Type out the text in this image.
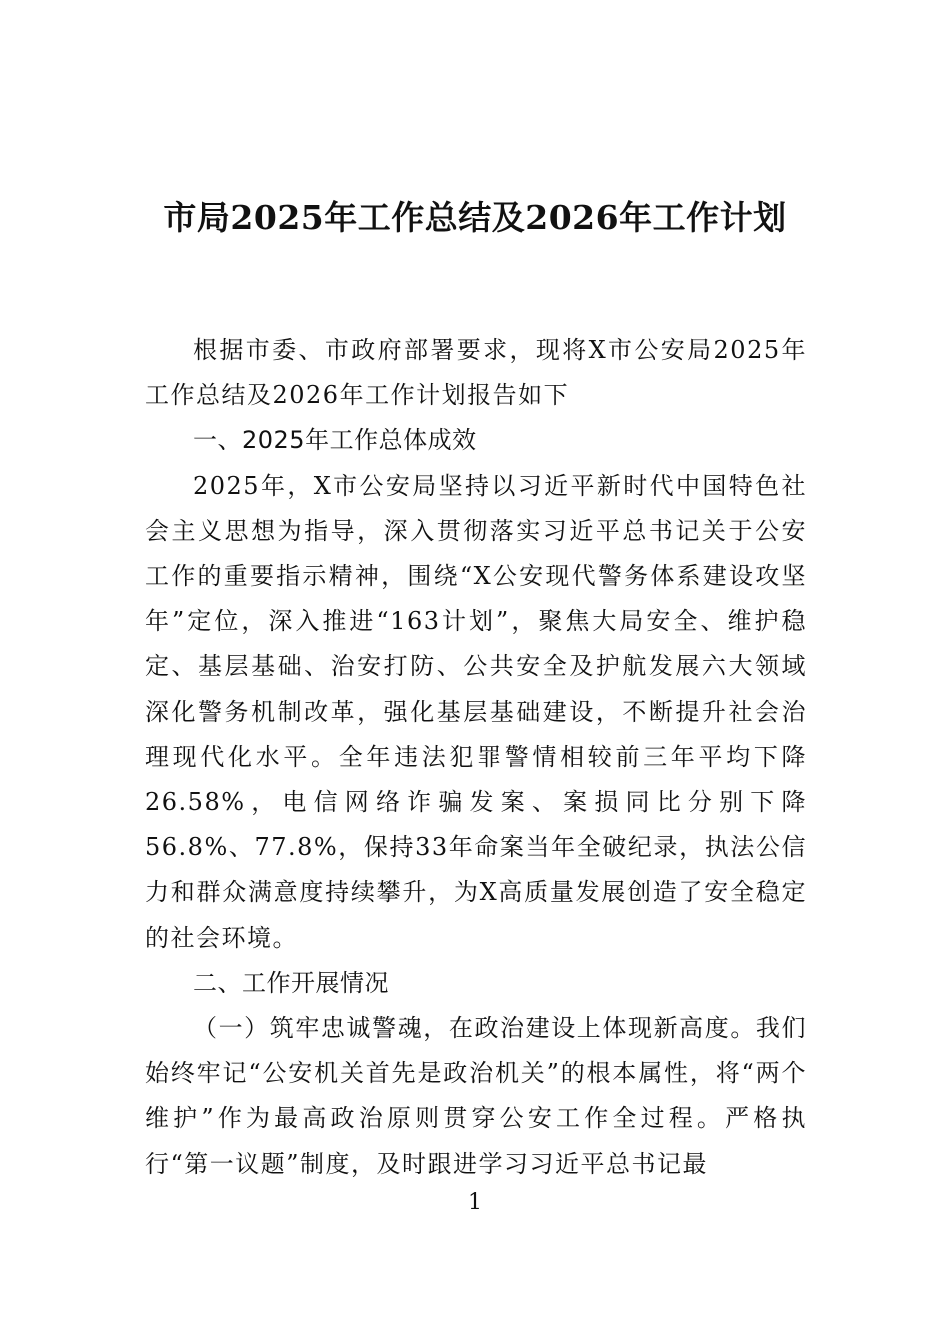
市局2025年工作总结及2026年工作计划

根据市委、市政府部署要求，现将X市公安局2025年工作总结及2026年工作计划报告如下

一、2025年工作总体成效

2025年，X市公安局坚持以习近平新时代中国特色社会主义思想为指导，深入贯彻落实习近平总书记关于公安工作的重要指示精神，围绕“X公安现代警务体系建设攻坚年”定位，深入推进“163计划”，聚焦大局安全、维护稳定、基层基础、治安打防、公共安全及护航发展六大领域深化警务机制改革，强化基层基础建设，不断提升社会治理现代化水平。全年违法犯罪警情相较前三年平均下降26.58%，电信网络诈骗发案、案损同比分别下降56.8%、77.8%，保持33年命案当年全破纪录，执法公信力和群众满意度持续攀升，为X高质量发展创造了安全稳定的社会环境。

二、工作开展情况

（一）筑牢忠诚警魂，在政治建设上体现新高度。我们始终牢记“公安机关首先是政治机关”的根本属性，将“两个维护”作为最高政治原则贯穿公安工作全过程。严格执行“第一议题”制度，及时跟进学习习近平总书记最

1
